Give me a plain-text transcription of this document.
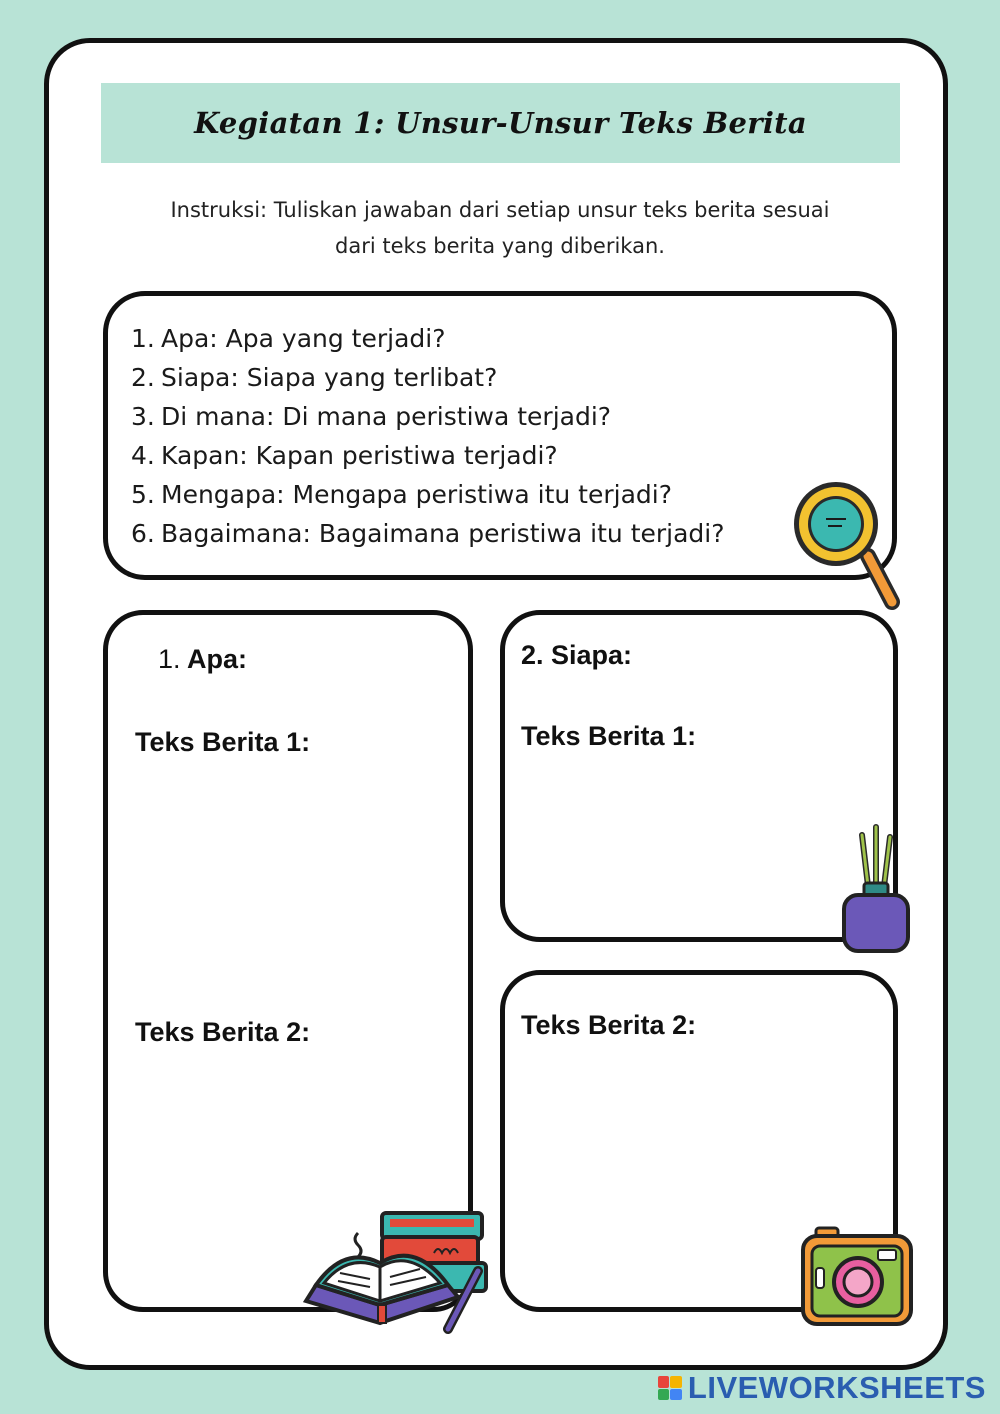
Kegiatan 1: Unsur-Unsur Teks Berita
Instruksi: Tuliskan jawaban dari setiap unsur teks berita sesuai
dari teks berita yang diberikan.
1. Apa: Apa yang terjadi?
2. Siapa: Siapa yang terlibat?
3. Di mana: Di mana peristiwa terjadi?
4. Kapan: Kapan peristiwa terjadi?
5. Mengapa: Mengapa peristiwa itu terjadi?
6. Bagaimana: Bagaimana peristiwa itu terjadi?
1. Apa:
Teks Berita 1:
Teks Berita 2:
2. Siapa:
Teks Berita 1:
Teks Berita 2:
LIVEWORKSHEETS
